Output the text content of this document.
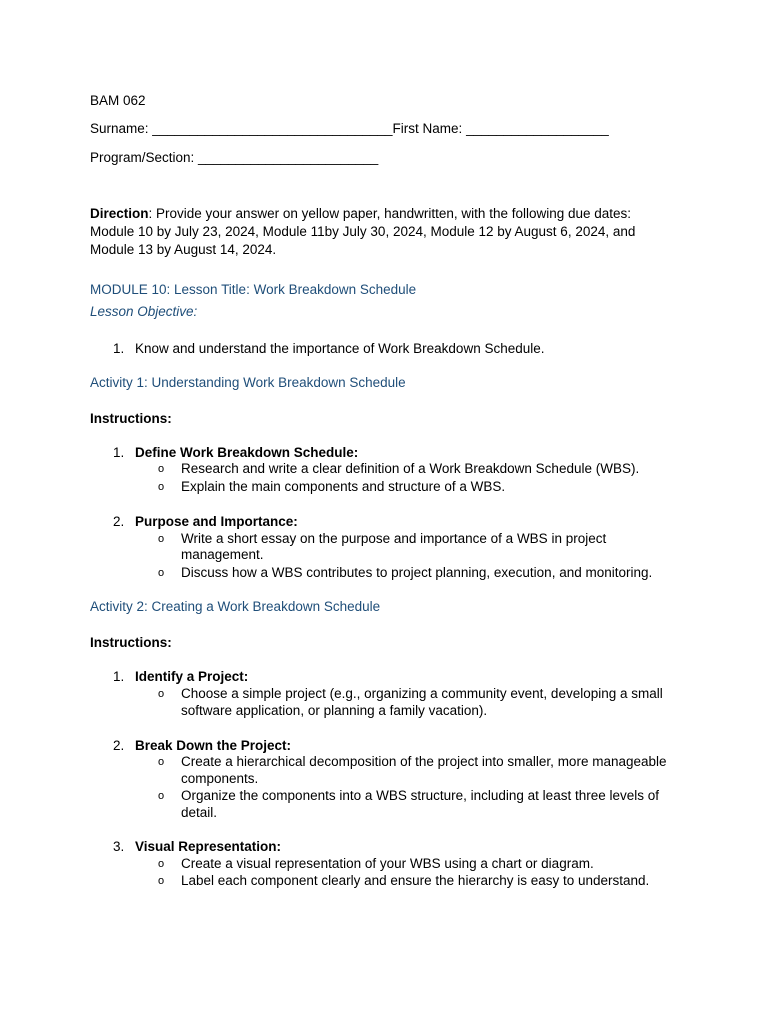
BAM 062
Surname: ________________________________First Name: ___________________
Program/Section: ________________________
Direction: Provide your answer on yellow paper, handwritten, with the following due dates:
Module 10 by July 23, 2024, Module 11by July 30, 2024, Module 12 by August 6, 2024, and
Module 13 by August 14, 2024.
MODULE 10: Lesson Title: Work Breakdown Schedule
Lesson Objective:
1. Know and understand the importance of Work Breakdown Schedule.
Activity 1: Understanding Work Breakdown Schedule
Instructions:
1. Define Work Breakdown Schedule:
o Research and write a clear definition of a Work Breakdown Schedule (WBS).
o Explain the main components and structure of a WBS.
2. Purpose and Importance:
o Write a short essay on the purpose and importance of a WBS in project
management.
o Discuss how a WBS contributes to project planning, execution, and monitoring.
Activity 2: Creating a Work Breakdown Schedule
Instructions:
1. Identify a Project:
o Choose a simple project (e.g., organizing a community event, developing a small
software application, or planning a family vacation).
2. Break Down the Project:
o Create a hierarchical decomposition of the project into smaller, more manageable
components.
o Organize the components into a WBS structure, including at least three levels of
detail.
3. Visual Representation:
o Create a visual representation of your WBS using a chart or diagram.
o Label each component clearly and ensure the hierarchy is easy to understand.
